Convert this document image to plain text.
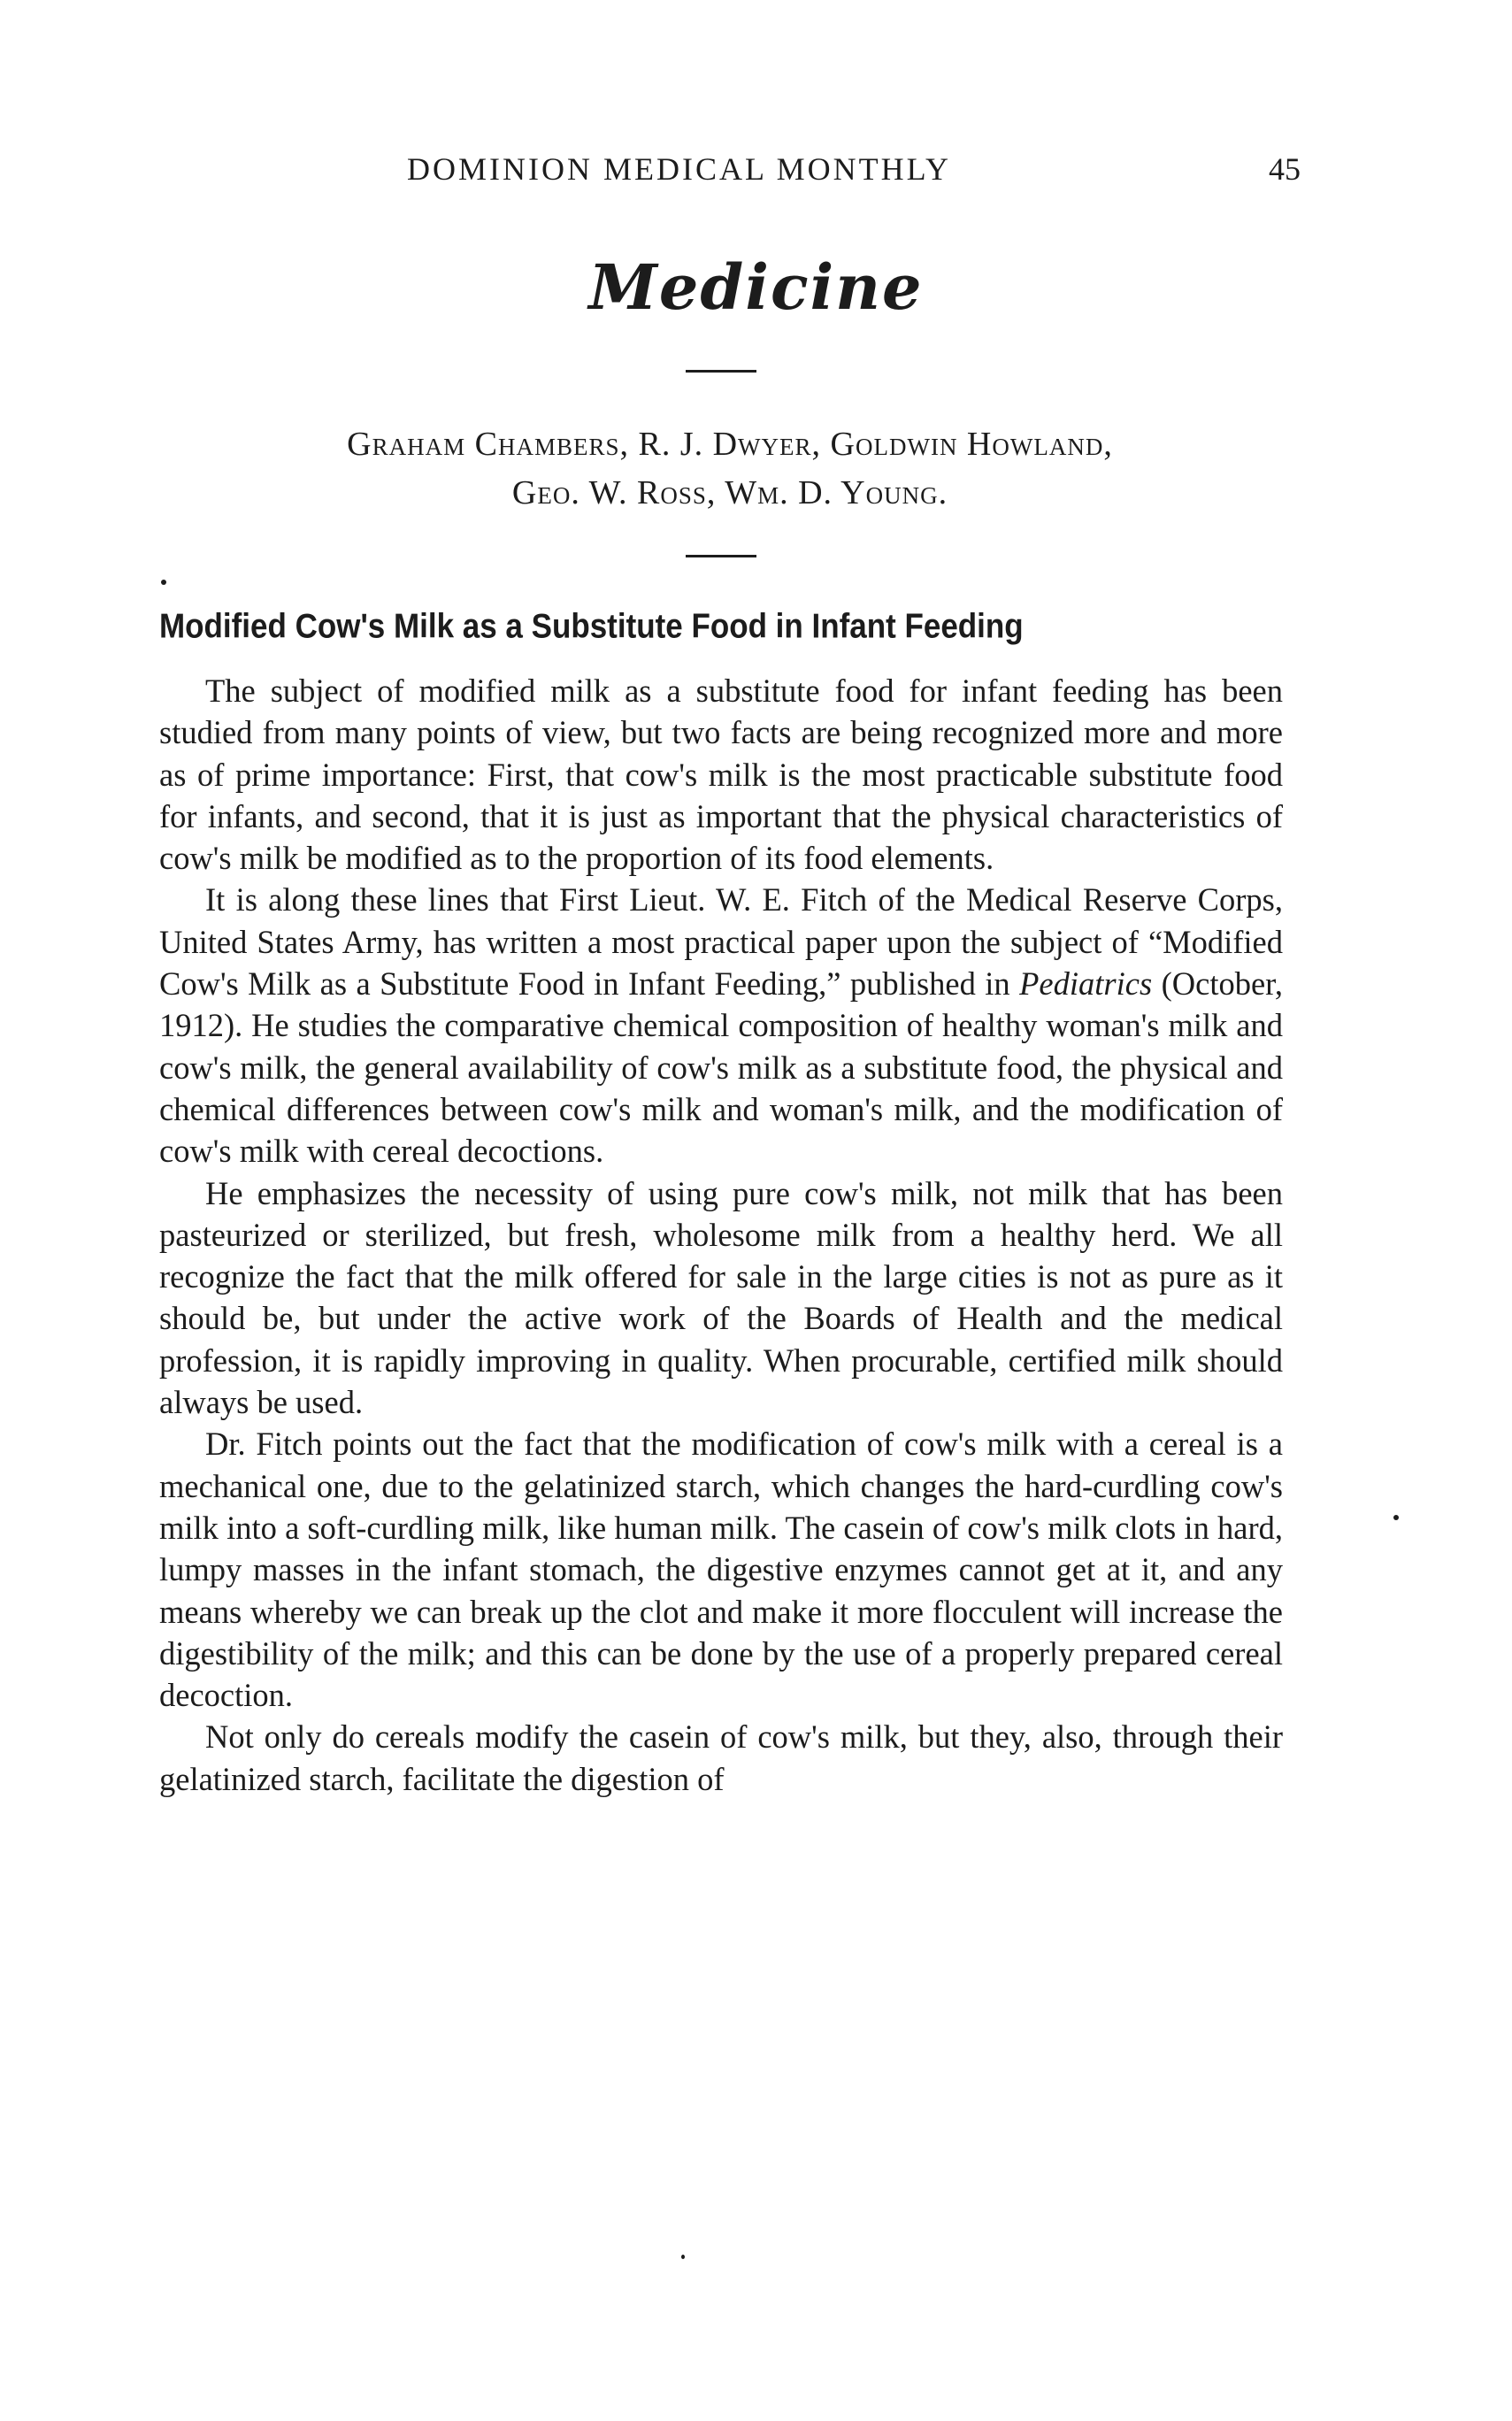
DOMINION MEDICAL MONTHLY	45
Medicine
Graham Chambers, R. J. Dwyer, Goldwin Howland,
Geo. W. Ross, Wm. D. Young.
Modified Cow's Milk as a Substitute Food in Infant Feeding

The subject of modified milk as a substitute food for infant feeding has been studied from many points of view, but two facts are being recognized more and more as of prime importance: First, that cow's milk is the most practicable substitute food for infants, and second, that it is just as important that the physical characteristics of cow's milk be modified as to the proportion of its food elements.

It is along these lines that First Lieut. W. E. Fitch of the Medical Reserve Corps, United States Army, has written a most practical paper upon the subject of “Modified Cow's Milk as a Substitute Food in Infant Feeding,” published in Pediatrics (October, 1912). He studies the comparative chemical composition of healthy woman's milk and cow's milk, the general availability of cow's milk as a substitute food, the physical and chemical differences between cow's milk and woman's milk, and the modification of cow's milk with cereal decoctions.

He emphasizes the necessity of using pure cow's milk, not milk that has been pasteurized or sterilized, but fresh, wholesome milk from a healthy herd. We all recognize the fact that the milk offered for sale in the large cities is not as pure as it should be, but under the active work of the Boards of Health and the medical profession, it is rapidly improving in quality. When procurable, certified milk should always be used.

Dr. Fitch points out the fact that the modification of cow's milk with a cereal is a mechanical one, due to the gelatinized starch, which changes the hard-curdling cow's milk into a soft-curdling milk, like human milk. The casein of cow's milk clots in hard, lumpy masses in the infant stomach, the digestive enzymes cannot get at it, and any means whereby we can break up the clot and make it more flocculent will increase the digestibility of the milk; and this can be done by the use of a properly prepared cereal decoction.

Not only do cereals modify the casein of cow's milk, but they, also, through their gelatinized starch, facilitate the digestion of
